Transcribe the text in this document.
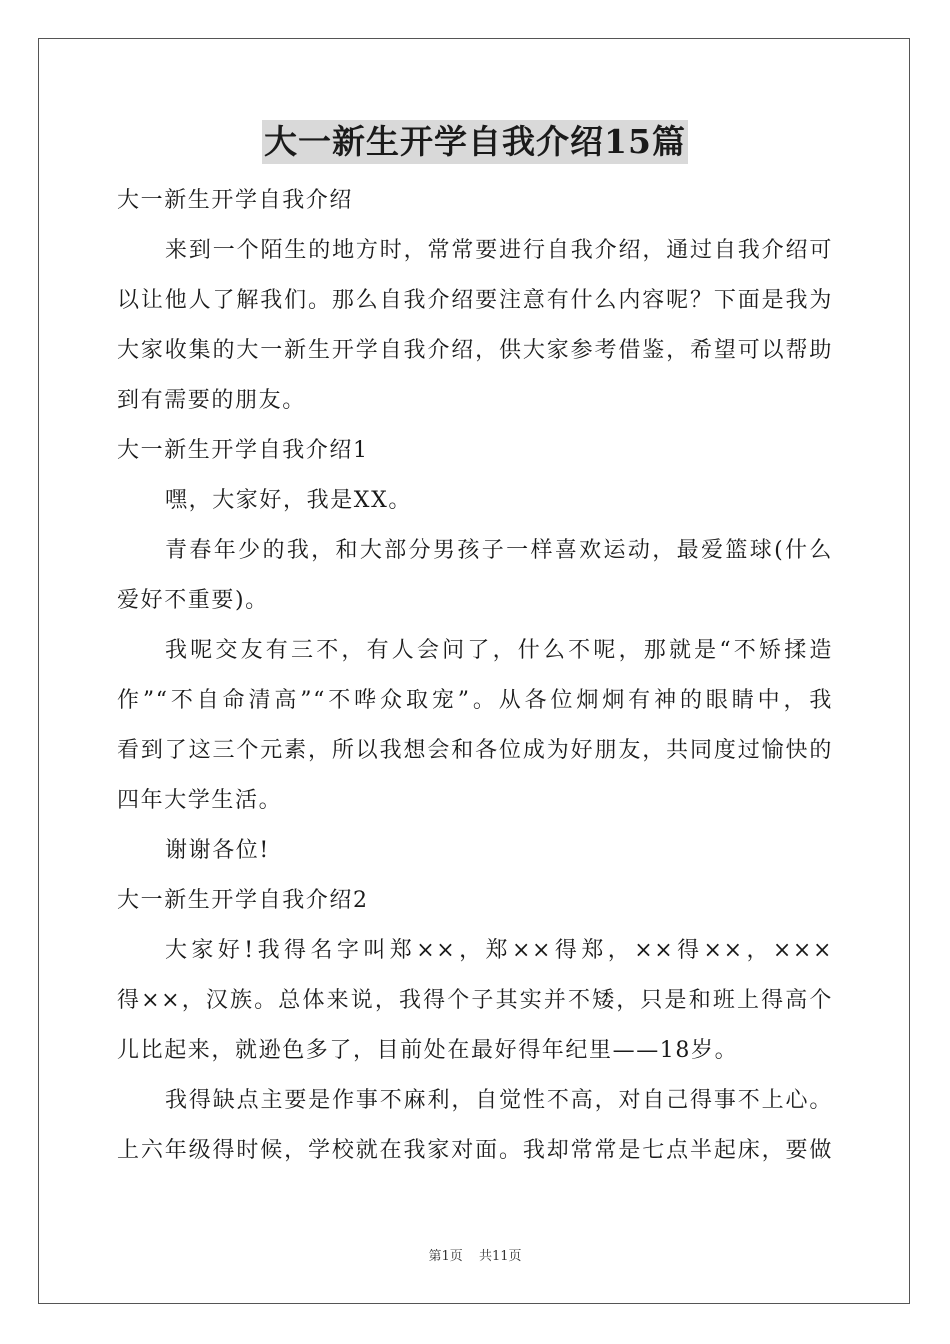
大一新生开学自我介绍15篇
大一新生开学自我介绍
来到一个陌生的地方时，常常要进行自我介绍，通过自我介绍可
以让他人了解我们。那么自我介绍要注意有什么内容呢？下面是我为
大家收集的大一新生开学自我介绍，供大家参考借鉴，希望可以帮助
到有需要的朋友。
大一新生开学自我介绍1
嘿，大家好，我是XX。
青春年少的我，和大部分男孩子一样喜欢运动，最爱篮球(什么
爱好不重要)。
我呢交友有三不，有人会问了，什么不呢，那就是“不矫揉造
作”“不自命清高”“不哗众取宠”。从各位炯炯有神的眼睛中，我
看到了这三个元素，所以我想会和各位成为好朋友，共同度过愉快的
四年大学生活。
谢谢各位!
大一新生开学自我介绍2
大家好!我得名字叫郑××，郑××得郑，××得××，×××
得××，汉族。总体来说，我得个子其实并不矮，只是和班上得高个
儿比起来，就逊色多了，目前处在最好得年纪里——18岁。
我得缺点主要是作事不麻利，自觉性不高，对自己得事不上心。
上六年级得时候，学校就在我家对面。我却常常是七点半起床，要做
第1页 共11页
